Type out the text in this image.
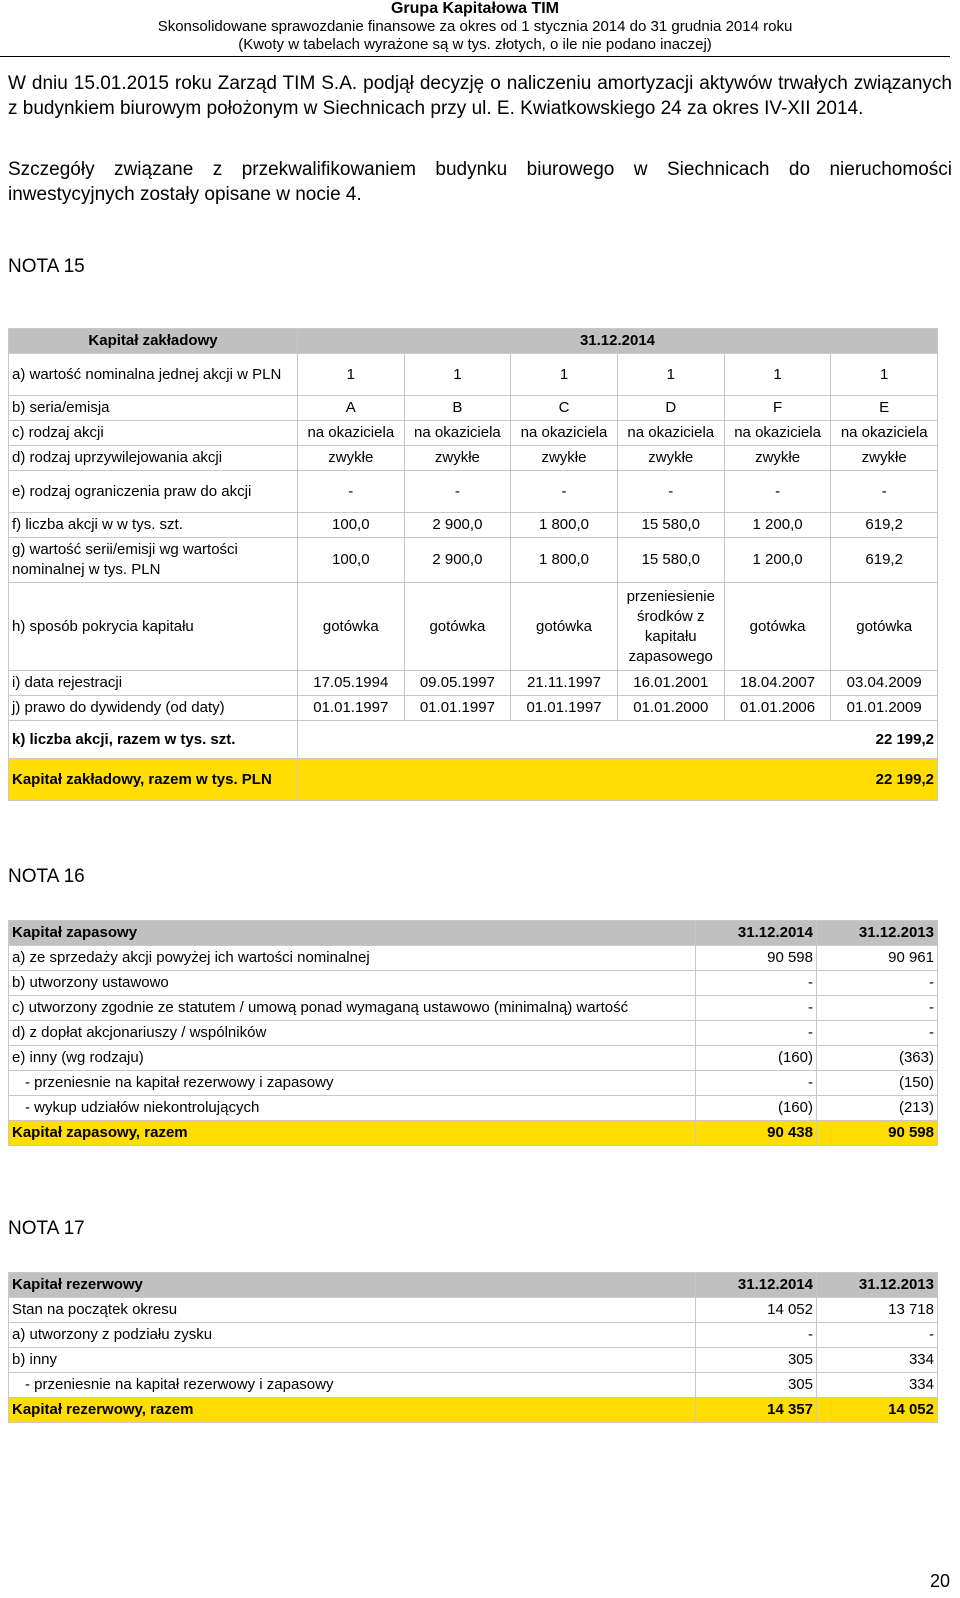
Grupa Kapitałowa TIM
Skonsolidowane sprawozdanie finansowe za okres od 1 stycznia 2014 do 31 grudnia 2014 roku
(Kwoty w tabelach wyrażone są w tys. złotych, o ile nie podano inaczej)
W dniu 15.01.2015 roku Zarząd TIM S.A. podjął decyzję o naliczeniu amortyzacji aktywów trwałych związanych z budynkiem biurowym położonym w Siechnicach przy ul. E. Kwiatkowskiego 24 za okres IV-XII 2014.
Szczegóły związane z przekwalifikowaniem budynku biurowego w Siechnicach do nieruchomości inwestycyjnych zostały opisane w nocie 4.
NOTA 15
Kapitał zakładowy	31.12.2014					
a) wartość nominalna jednej akcji w PLN	1	1	1	1	1	1
b) seria/emisja	A	B	C	D	F	E
c) rodzaj akcji	na okaziciela	na okaziciela	na okaziciela	na okaziciela	na okaziciela	na okaziciela
d) rodzaj uprzywilejowania akcji	zwykłe	zwykłe	zwykłe	zwykłe	zwykłe	zwykłe
e) rodzaj ograniczenia praw do akcji	-	-	-	-	-	-
f) liczba akcji w w tys. szt.	100,0	2 900,0	1 800,0	15 580,0	1 200,0	619,2
g) wartość serii/emisji wg wartości nominalnej w tys. PLN	100,0	2 900,0	1 800,0	15 580,0	1 200,0	619,2
h) sposób pokrycia kapitału	gotówka	gotówka	gotówka	przeniesienie środków z kapitału zapasowego	gotówka	gotówka
i) data rejestracji	17.05.1994	09.05.1997	21.11.1997	16.01.2001	18.04.2007	03.04.2009
j) prawo do dywidendy (od daty)	01.01.1997	01.01.1997	01.01.1997	01.01.2000	01.01.2006	01.01.2009
k) liczba akcji, razem w tys. szt.	22 199,2					
Kapitał zakładowy, razem w tys. PLN	22 199,2					
NOTA 16
Kapitał zapasowy	31.12.2014	31.12.2013
a) ze sprzedaży akcji powyżej ich wartości nominalnej	90 598	90 961
b) utworzony ustawowo	-	-
c) utworzony zgodnie ze statutem / umową ponad wymaganą ustawowo (minimalną) wartość	-	-
d) z dopłat akcjonariuszy / wspólników	-	-
e) inny (wg rodzaju)	(160)	(363)
- przeniesnie na kapitał rezerwowy i zapasowy	-	(150)
- wykup udziałów niekontrolujących	(160)	(213)
Kapitał zapasowy, razem	90 438	90 598
NOTA 17
Kapitał rezerwowy	31.12.2014	31.12.2013
Stan na początek okresu	14 052	13 718
a) utworzony z podziału zysku	-	-
b) inny	305	334
- przeniesnie na kapitał rezerwowy i zapasowy	305	334
Kapitał rezerwowy, razem	14 357	14 052
20
